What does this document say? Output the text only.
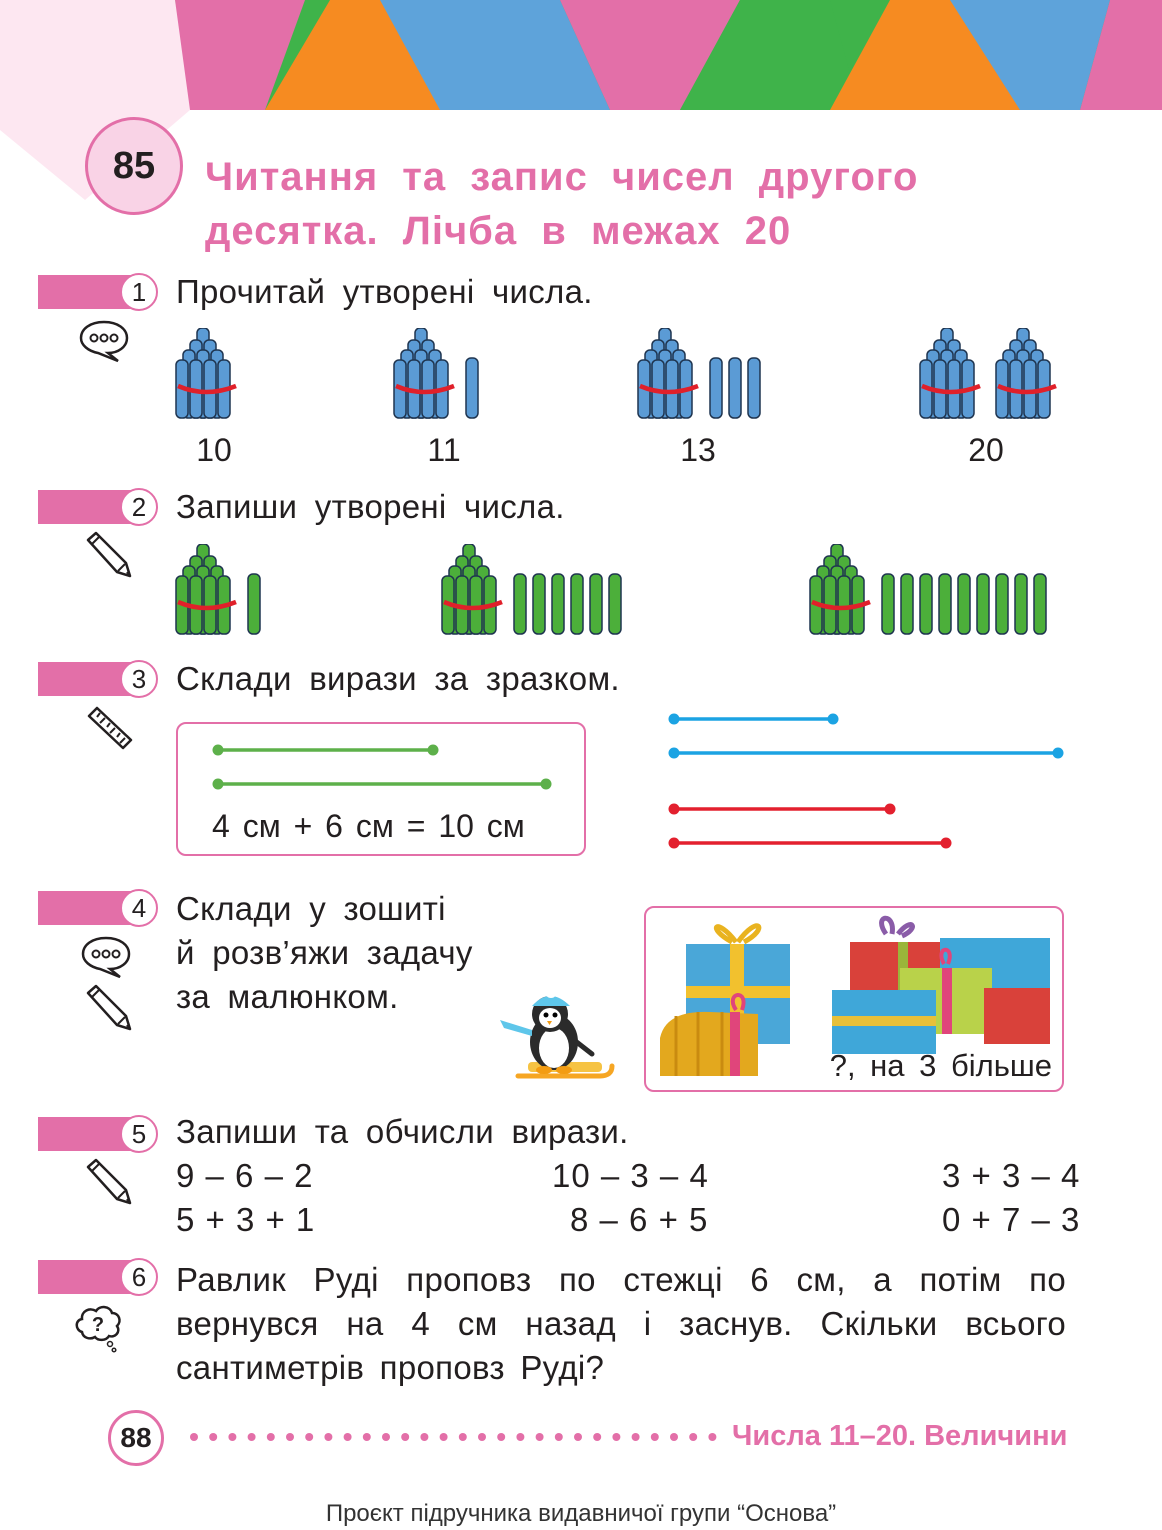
85	Читання та запис чисел другого
десятка. Лічба в межах 20
1 Прочитай утворені числа.
2 Запиши утворені числа.
3 Склади вирази за зразком.
4 Склади у зошиті
й розв’яжи задачу
за малюнком.
5 Запиши та обчисли вирази.
6 Равлик Руді проповз по стежці 6 см, а потім по вернувся на 4 см назад і заснув. Скільки всього сантиметрів проповз Руді?
?
10	11	13	20
4 см + 6 см = 10 см
?, на 3 більше
9 – 6 – 2	10 – 3 – 4	3 + 3 – 4
5 + 3 + 1	8 – 6 + 5	0 + 7 – 3
88	Числа 11–20. Величини
Проєкт підручника видавничої групи “Основа”
